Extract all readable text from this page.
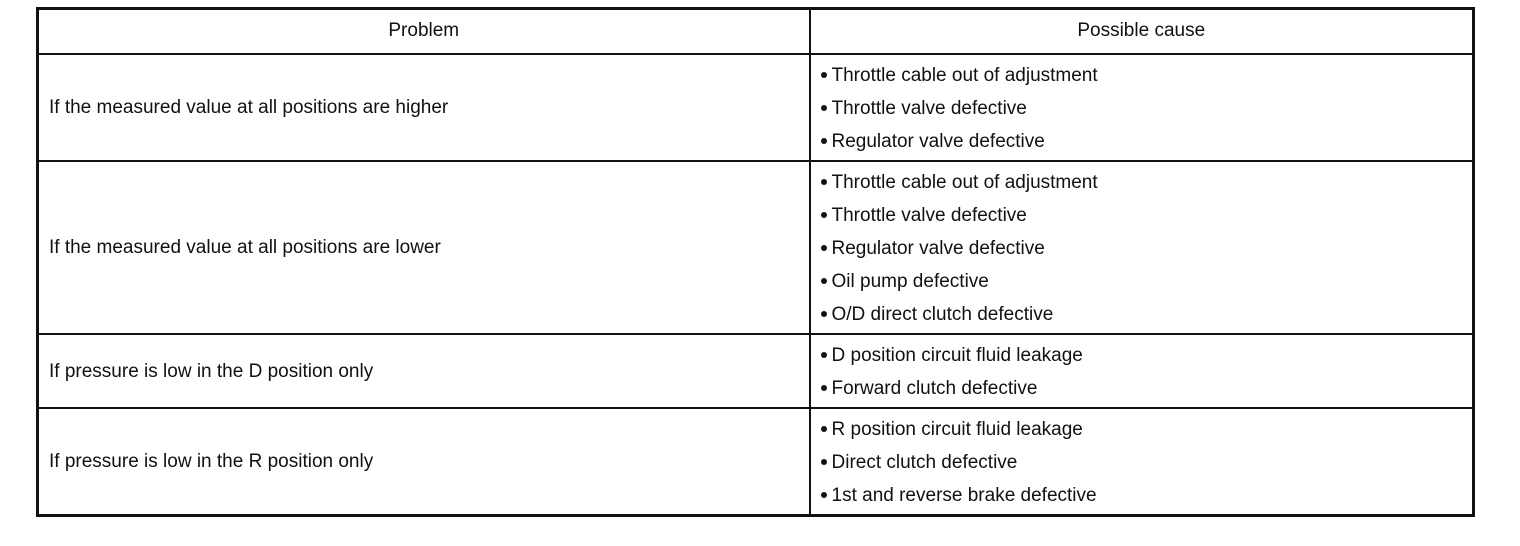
Problem	Possible cause
If the measured value at all positions are higher	Throttle cable out of adjustment
Throttle valve defective
Regulator valve defective

If the measured value at all positions are lower	Throttle cable out of adjustment
Throttle valve defective
Regulator valve defective
Oil pump defective
O/D direct clutch defective

If pressure is low in the D position only	D position circuit fluid leakage
Forward clutch defective

If pressure is low in the R position only	R position circuit fluid leakage
Direct clutch defective
1st and reverse brake defective
